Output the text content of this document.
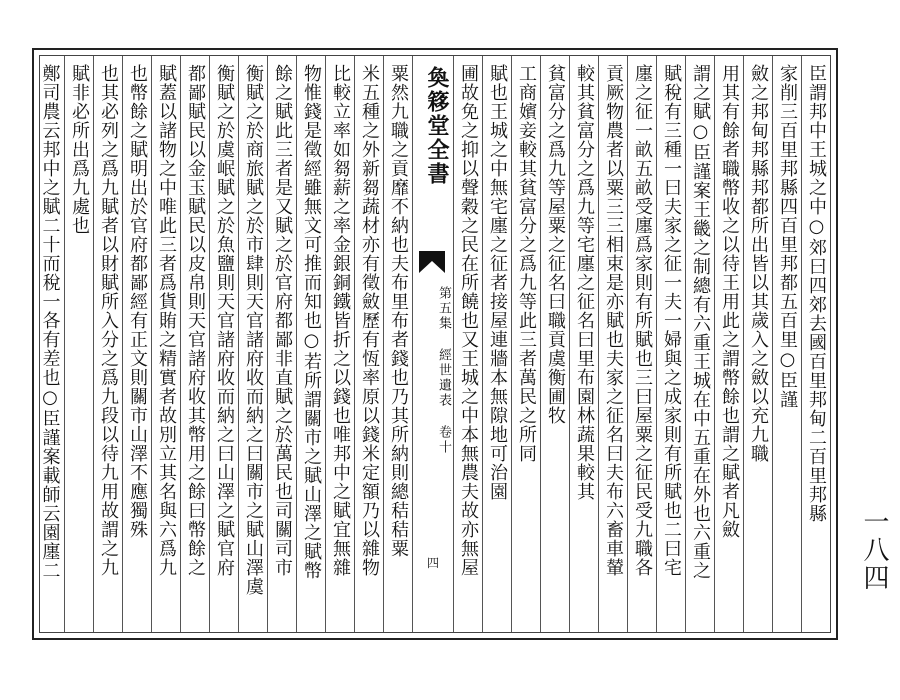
臣謂邦中王城之中○郊曰四郊去國百里邦甸二百里邦縣
家削三百里邦縣四百里邦都五百里○臣謹
斂之邦甸邦縣邦都所出皆以其歲入之斂以充九職
用其有餘者職幣收之以待王用此之謂幣餘也謂之賦者凡斂
謂之賦○臣謹案王畿之制總有六重王城在中五重在外也六重之
賦稅有三種一曰夫家之征一夫一婦與之成家則有所賦也二曰宅
廛之征一畝五畝受廛爲家則有所賦也三曰屋粟之征民受九職各
貢厥物農者以粟三三相束是亦賦也夫家之征名曰夫布六畜車輦
較其貧富分之爲九等宅廛之征名曰里布園林蔬果較其
貧富分之爲九等屋粟之征名曰職貢虞衡圃牧
工商嬪妾較其貧富分之爲九等此三者萬民之所同
賦也王城之中無宅廛之征者接屋連牆本無隙地可治園
圃故免之抑以聲穀之民在所饒也又王城之中本無農夫故亦無屋
奐簃堂全書
第五集 經世遺表 卷十
四
粟然九職之貢靡不納也夫布里布者錢也乃其所納則總秸秸粟
米五種之外新芻蔬材亦有徵斂歷有恆率原以錢米定額乃以雜物
比較立率如芻薪之率金銀銅鐵皆折之以錢也唯邦中之賦宜無雜
物惟錢是徵經雖無文可推而知也○若所謂關市之賦山澤之賦幣
餘之賦此三者是又賦之於官府都鄙非直賦之於萬民也司關司市
衡賦之於商旅賦之於市肆則天官諸府收而納之曰關市之賦山澤虞
衡賦之於虞岷賦之於魚鹽則天官諸府收而納之曰山澤之賦官府
都鄙賦民以金玉賦民以皮帛則天官諸府收其幣用之餘曰幣餘之
賦蓋以諸物之中唯此三者爲貨賄之精實者故別立其名與六爲九
也幣餘之賦明出於官府都鄙經有正文則關市山澤不應獨殊
也其必列之爲九賦者以財賦所入分之爲九段以待九用故謂之九
賦非必所出爲九處也
鄭司農云邦中之賦二十而稅一各有差也○臣謹案載師云園廛二	一八四
